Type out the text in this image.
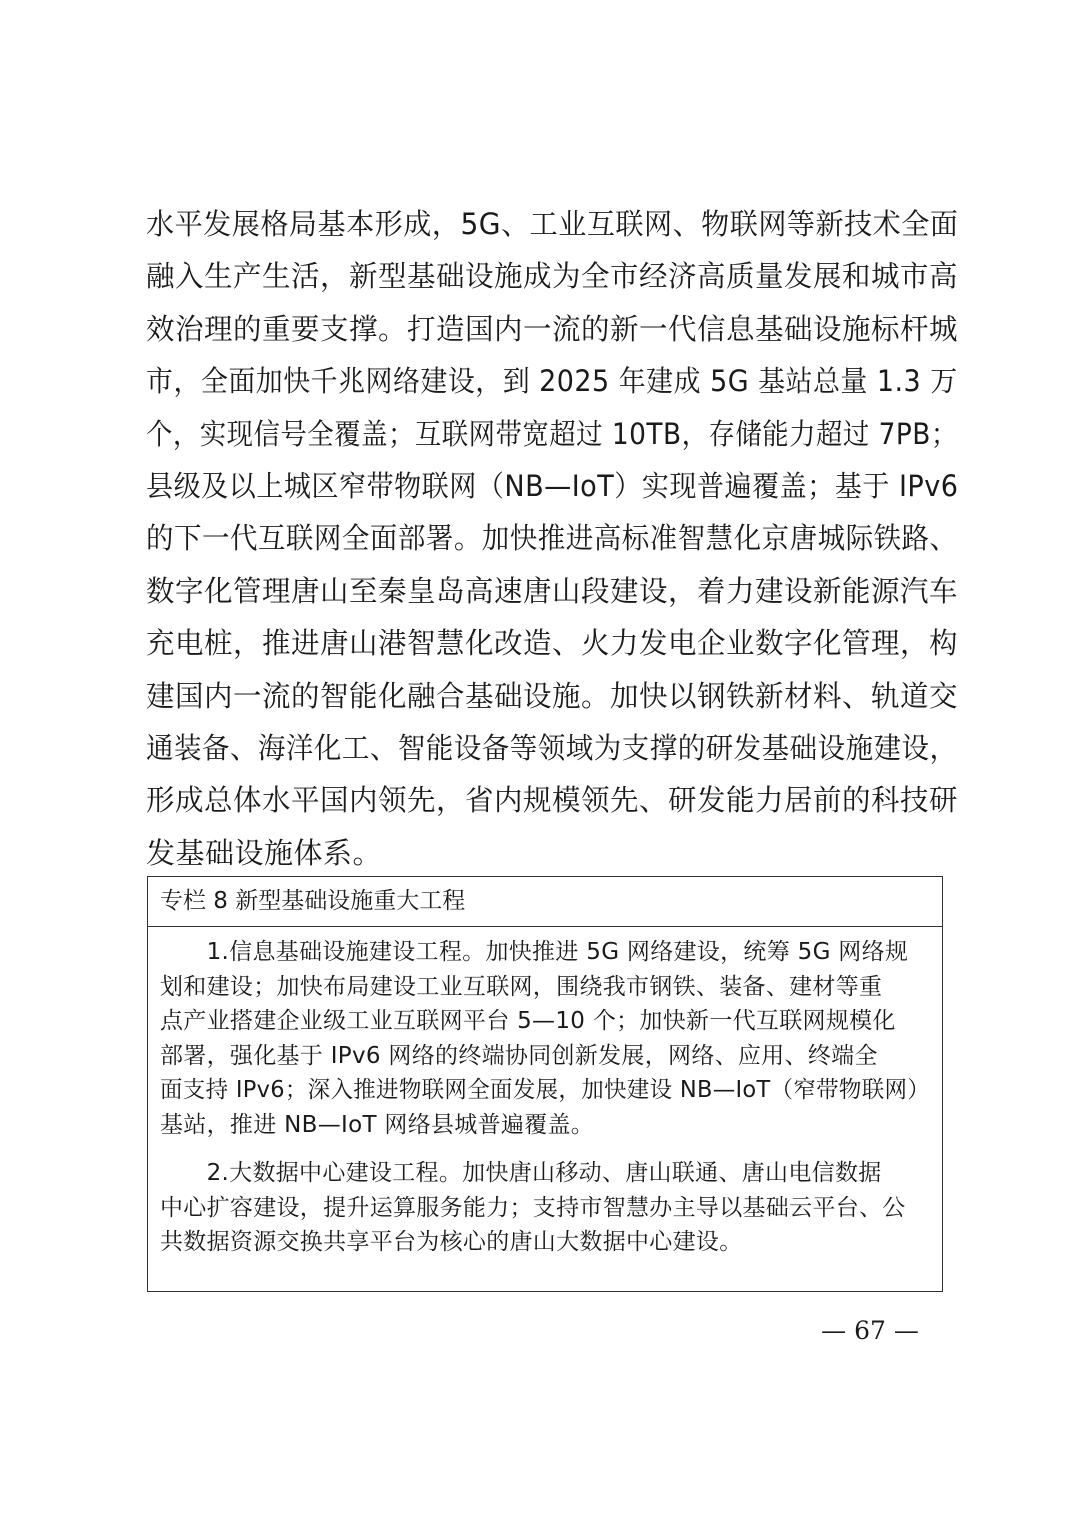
水平发展格局基本形成，5G、工业互联网、物联网等新技术全面
融入生产生活，新型基础设施成为全市经济高质量发展和城市高
效治理的重要支撑。打造国内一流的新一代信息基础设施标杆城
市，全面加快千兆网络建设，到 2025 年建成 5G 基站总量 1.3 万
个，实现信号全覆盖；互联网带宽超过 10TB，存储能力超过 7PB；
县级及以上城区窄带物联网（NB—IoT）实现普遍覆盖；基于 IPv6
的下一代互联网全面部署。加快推进高标准智慧化京唐城际铁路、
数字化管理唐山至秦皇岛高速唐山段建设，着力建设新能源汽车
充电桩，推进唐山港智慧化改造、火力发电企业数字化管理，构
建国内一流的智能化融合基础设施。加快以钢铁新材料、轨道交
通装备、海洋化工、智能设备等领域为支撑的研发基础设施建设，
形成总体水平国内领先，省内规模领先、研发能力居前的科技研
发基础设施体系。
专栏 8 新型基础设施重大工程
　　1.信息基础设施建设工程。加快推进 5G 网络建设，统筹 5G 网络规
划和建设；加快布局建设工业互联网，围绕我市钢铁、装备、建材等重
点产业搭建企业级工业互联网平台 5—10 个；加快新一代互联网规模化
部署，强化基于 IPv6 网络的终端协同创新发展，网络、应用、终端全
面支持 IPv6；深入推进物联网全面发展，加快建设 NB—IoT（窄带物联网）
基站，推进 NB—IoT 网络县城普遍覆盖。
　　2.大数据中心建设工程。加快唐山移动、唐山联通、唐山电信数据
中心扩容建设，提升运算服务能力；支持市智慧办主导以基础云平台、公
共数据资源交换共享平台为核心的唐山大数据中心建设。
— 67 —
